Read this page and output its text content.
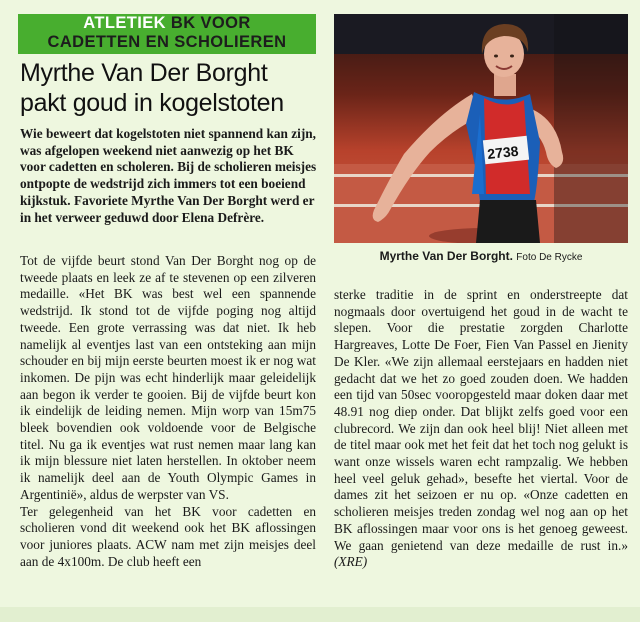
ATLETIEK BK VOOR
CADETTEN EN SCHOLIEREN
Myrthe Van Der Borght
pakt goud in kogelstoten
Wie beweert dat kogelstoten niet spannend kan zijn, was afgelopen weekend niet aanwezig op het BK voor cadetten en scholeren. Bij de scholieren meisjes ontpopte de wedstrijd zich immers tot een boeiend kijkstuk. Favoriete Myrthe Van Der Borght werd er in het verweer geduwd door Elena Defrère.

Tot de vijfde beurt stond Van Der Borght nog op de tweede plaats en leek ze af te stevenen op een zilveren medaille. «Het BK was best wel een spannende wedstrijd. Ik stond tot de vijfde poging nog altijd tweede. Een grote verrassing was dat niet. Ik heb namelijk al eventjes last van een ontsteking aan mijn schouder en bij mijn eerste beurten moest ik er nog wat inkomen. De pijn was echt hinderlijk maar geleidelijk aan begon ik verder te gooien. Bij de vijfde beurt kon ik eindelijk de leiding nemen. Mijn worp van 15m75 bleek bovendien ook voldoende voor de Belgische titel. Nu ga ik eventjes wat rust nemen maar lang kan ik mijn blessure niet laten herstellen. In oktober neem ik namelijk deel aan de Youth Olympic Games in Argentinië», aldus de werpster van VS.

Ter gelegenheid van het BK voor cadetten en scholieren vond dit weekend ook het BK aflossingen voor juniores plaats. ACW nam met zijn meisjes deel aan de 4x100m. De club heeft een

sterke traditie in de sprint en onderstreepte dat nogmaals door overtuigend het goud in de wacht te slepen. Voor die prestatie zorgden Charlotte Hargreaves, Lotte De Foer, Fien Van Passel en Jienity De Kler. «We zijn allemaal eerstejaars en hadden niet gedacht dat we het zo goed zouden doen. We hadden een tijd van 50sec vooropgesteld maar doken daar met 48.91 nog diep onder. Dat blijkt zelfs goed voor een clubrecord. We zijn dan ook heel blij! Niet alleen met de titel maar ook met het feit dat het toch nog gelukt is want onze wissels waren echt rampzalig. We hebben heel veel geluk gehad», besefte het viertal. Voor de dames zit het seizoen er nu op. «Onze cadetten en scholieren meisjes treden zondag wel nog aan op het BK aflossingen maar voor ons is het genoeg geweest. We gaan genietend van deze medaille de rust in.» (XRE)

2738
Myrthe Van Der Borght. Foto De Rycke
